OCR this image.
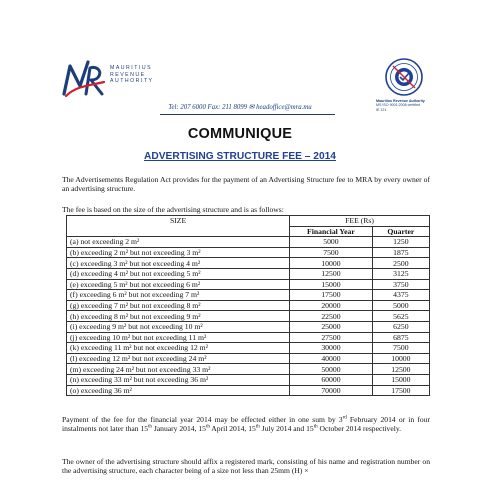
MAURITIUS
REVENUE
AUTHORITY
Mauritius Revenue Authority
MS ISO 9001:2008 certified
IE 121
Tel: 207 6000 Fax: 211 8099 ✉ headoffice@mra.mu
COMMUNIQUE
ADVERTISING STRUCTURE FEE – 2014
The Advertisements Regulation Act provides for the payment of an Advertising Structure fee to MRA by every owner of an advertising structure.
The fee is based on the size of the advertising structure and is as follows:
SIZE	FEE (Rs)	
	Financial Year	Quarter
(a) not exceeding 2 m²	5000	1250
(b) exceeding 2 m² but not exceeding 3 m²	7500	1875
(c) exceeding 3 m² but not exceeding 4 m²	10000	2500
(d) exceeding 4 m² but not exceeding 5 m²	12500	3125
(e) exceeding 5 m² but not exceeding 6 m²	15000	3750
(f) exceeding 6 m² but not exceeding 7 m²	17500	4375
(g) exceeding 7 m² but not exceeding 8 m²	20000	5000
(h) exceeding 8 m² but not exceeding 9 m²	22500	5625
(i) exceeding 9 m² but not exceeding 10 m²	25000	6250
(j) exceeding 10 m² but not exceeding 11 m²	27500	6875
(k) exceeding 11 m² but not exceeding 12 m²	30000	7500
(l) exceeding 12 m² but not exceeding 24 m²	40000	10000
(m) exceeding 24 m² but not exceeding 33 m²	50000	12500
(n) exceeding 33 m² but not exceeding 36 m²	60000	15000
(o) exceeding 36 m²	70000	17500
Payment of the fee for the financial year 2014 may be effected either in one sum by 3rd February 2014 or in four instalments not later than 15th January 2014, 15th April 2014, 15th July 2014 and 15th October 2014 respectively.
The owner of the advertising structure should affix a registered mark, consisting of his name and registration number on the advertising structure, each character being of a size not less than 25mm (H) ×
